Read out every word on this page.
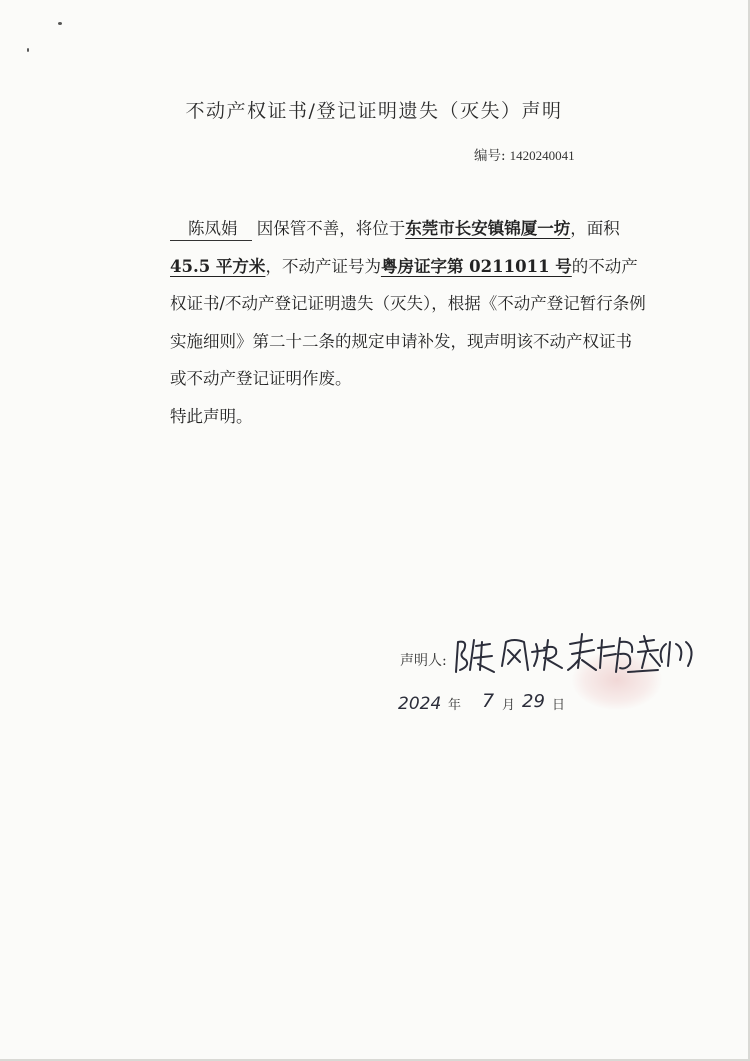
不动产权证书/登记证明遗失（灭失）声明
编号: 1420240041

陈凤娟 因保管不善，将位于东莞市长安镇锦厦一坊，面积 45.5 平方米，不动产证号为粤房证字第 0211011 号的不动产权证书/不动产登记证明遗失（灭失），根据《不动产登记暂行条例实施细则》第二十二条的规定申请补发，现声明该不动产权证书或不动产登记证明作废。

特此声明。

声明人:
2024 年 7 月 29 日
